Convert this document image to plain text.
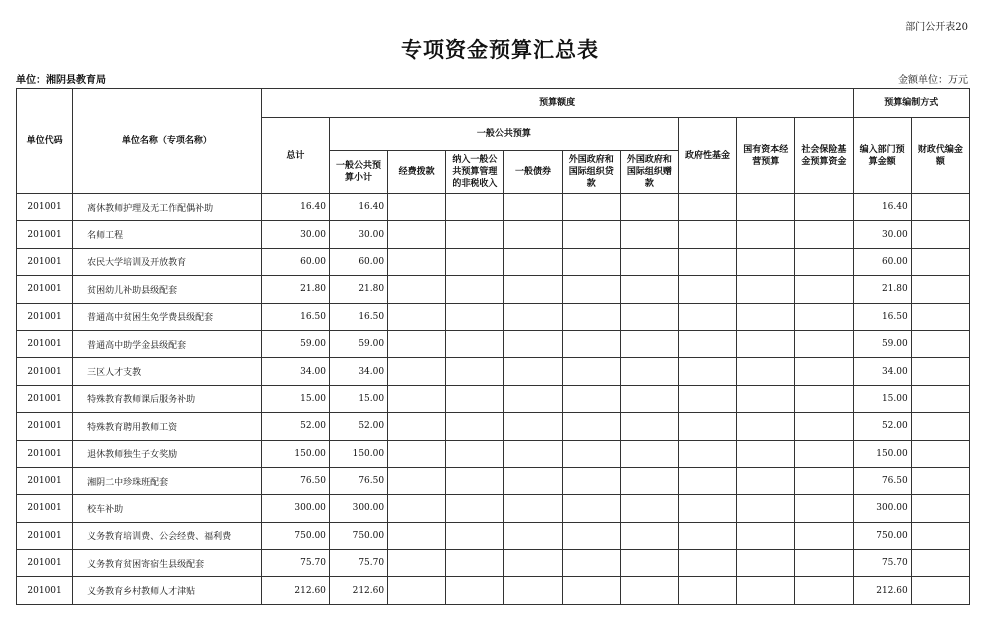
部门公开表20
专项资金预算汇总表
单位：湘阴县教育局	金额单位：万元
单位代码	单位名称（专项名称）	预算额度										预算编制方式	
		总计	一般公共预算						政府性基金	国有资本经营预算	社会保险基金预算资金	编入部门预算金额	财政代编金额
			一般公共预算小计	经费拨款	纳入一般公共预算管理的非税收入	一般债券	外国政府和国际组织贷款	外国政府和国际组织赠款					
201001	离休教师护理及无工作配偶补助	16.40	16.40									16.40	
201001	名师工程	30.00	30.00									30.00	
201001	农民大学培训及开放教育	60.00	60.00									60.00	
201001	贫困幼儿补助县级配套	21.80	21.80									21.80	
201001	普通高中贫困生免学费县级配套	16.50	16.50									16.50	
201001	普通高中助学金县级配套	59.00	59.00									59.00	
201001	三区人才支教	34.00	34.00									34.00	
201001	特殊教育教师课后服务补助	15.00	15.00									15.00	
201001	特殊教育聘用教师工资	52.00	52.00									52.00	
201001	退休教师独生子女奖励	150.00	150.00									150.00	
201001	湘阴二中珍珠班配套	76.50	76.50									76.50	
201001	校车补助	300.00	300.00									300.00	
201001	义务教育培训费、公会经费、福利费	750.00	750.00									750.00	
201001	义务教育贫困寄宿生县级配套	75.70	75.70									75.70	
201001	义务教育乡村教师人才津贴	212.60	212.60									212.60	
